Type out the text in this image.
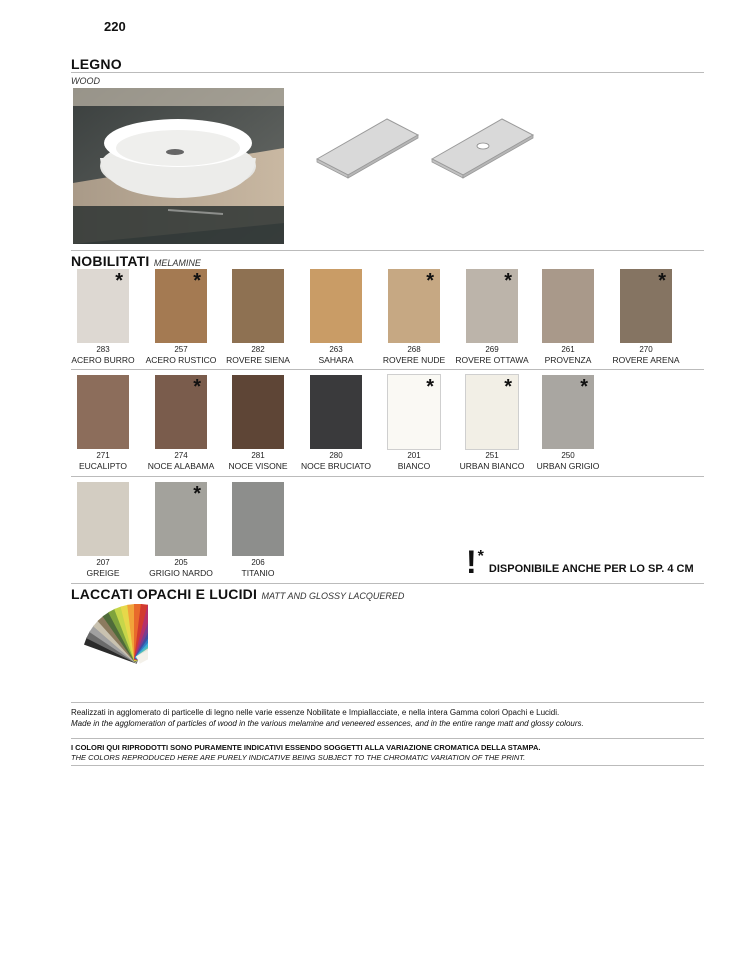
220
LEGNO
WOOD
NOBILITATI MELAMINE
*
283
ACERO BURRO
*
257
ACERO RUSTICO
282
ROVERE SIENA
263
SAHARA
*
268
ROVERE NUDE
*
269
ROVERE OTTAWA
261
PROVENZA
*
270
ROVERE ARENA
271
EUCALIPTO
*
274
NOCE ALABAMA
281
NOCE VISONE
280
NOCE BRUCIATO
*
201
BIANCO
*
251
URBAN BIANCO
*
250
URBAN GRIGIO
207
GREIGE
*
205
GRIGIO NARDO
206
TITANIO	! *
DISPONIBILE ANCHE PER LO SP. 4 CM
LACCATI OPACHI E LUCIDI MATT AND GLOSSY LACQUERED
Realizzati in agglomerato di particelle di legno nelle varie essenze Nobilitate e Impiallacciate, e nella intera Gamma colori Opachi e Lucidi.
Made in the agglomeration of particles of wood in the various melamine and veneered essences, and in the entire range matt and glossy colours.
I COLORI QUI RIPRODOTTI SONO PURAMENTE INDICATIVI ESSENDO SOGGETTI ALLA VARIAZIONE CROMATICA DELLA STAMPA.
THE COLORS REPRODUCED HERE ARE PURELY INDICATIVE BEING SUBJECT TO THE CHROMATIC VARIATION OF THE PRINT.
